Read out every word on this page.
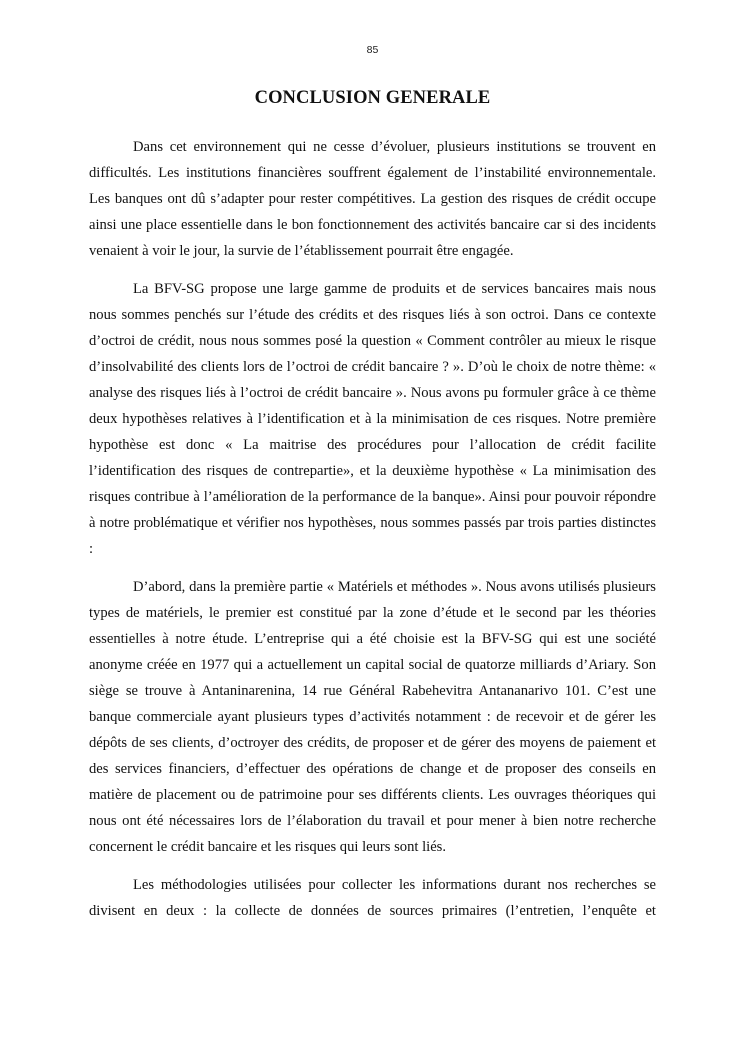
85
CONCLUSION GENERALE

Dans cet environnement qui ne cesse d’évoluer, plusieurs institutions se trouvent en difficultés. Les institutions financières souffrent également de l’instabilité environnementale. Les banques ont dû s’adapter pour rester compétitives. La gestion des risques de crédit occupe ainsi une place essentielle dans le bon fonctionnement des activités bancaire car si des incidents venaient à voir le jour, la survie de l’établissement pourrait être engagée.

La BFV-SG propose une large gamme de produits et de services bancaires mais nous nous sommes penchés sur l’étude des crédits et des risques liés à son octroi. Dans ce contexte d’octroi de crédit, nous nous sommes posé la question « Comment contrôler au mieux le risque d’insolvabilité des clients lors de l’octroi de crédit bancaire ? ». D’où le choix de notre thème: « analyse des risques liés à l’octroi de crédit bancaire ». Nous avons pu formuler grâce à ce thème deux hypothèses relatives à l’identification et à la minimisation de ces risques. Notre première hypothèse est donc « La maitrise des procédures pour l’allocation de crédit facilite l’identification des risques de contrepartie», et la deuxième hypothèse « La minimisation des risques contribue à l’amélioration de la performance de la banque». Ainsi pour pouvoir répondre à notre problématique et vérifier nos hypothèses, nous sommes passés par trois parties distinctes :

D’abord, dans la première partie « Matériels et méthodes ». Nous avons utilisés plusieurs types de matériels, le premier est constitué par la zone d’étude et le second par les théories essentielles à notre étude. L’entreprise qui a été choisie est la BFV-SG qui est une société anonyme créée en 1977 qui a actuellement un capital social de quatorze milliards d’Ariary. Son siège se trouve à Antaninarenina, 14 rue Général Rabehevitra Antananarivo 101. C’est une banque commerciale ayant plusieurs types d’activités notamment : de recevoir et de gérer les dépôts de ses clients, d’octroyer des crédits, de proposer et de gérer des moyens de paiement et des services financiers, d’effectuer des opérations de change et de proposer des conseils en matière de placement ou de patrimoine pour ses différents clients. Les ouvrages théoriques qui nous ont été nécessaires lors de l’élaboration du travail et pour mener à bien notre recherche concernent le crédit bancaire et les risques qui leurs sont liés.

Les méthodologies utilisées pour collecter les informations durant nos recherches se divisent en deux : la collecte de données de sources primaires (l’entretien, l’enquête et
